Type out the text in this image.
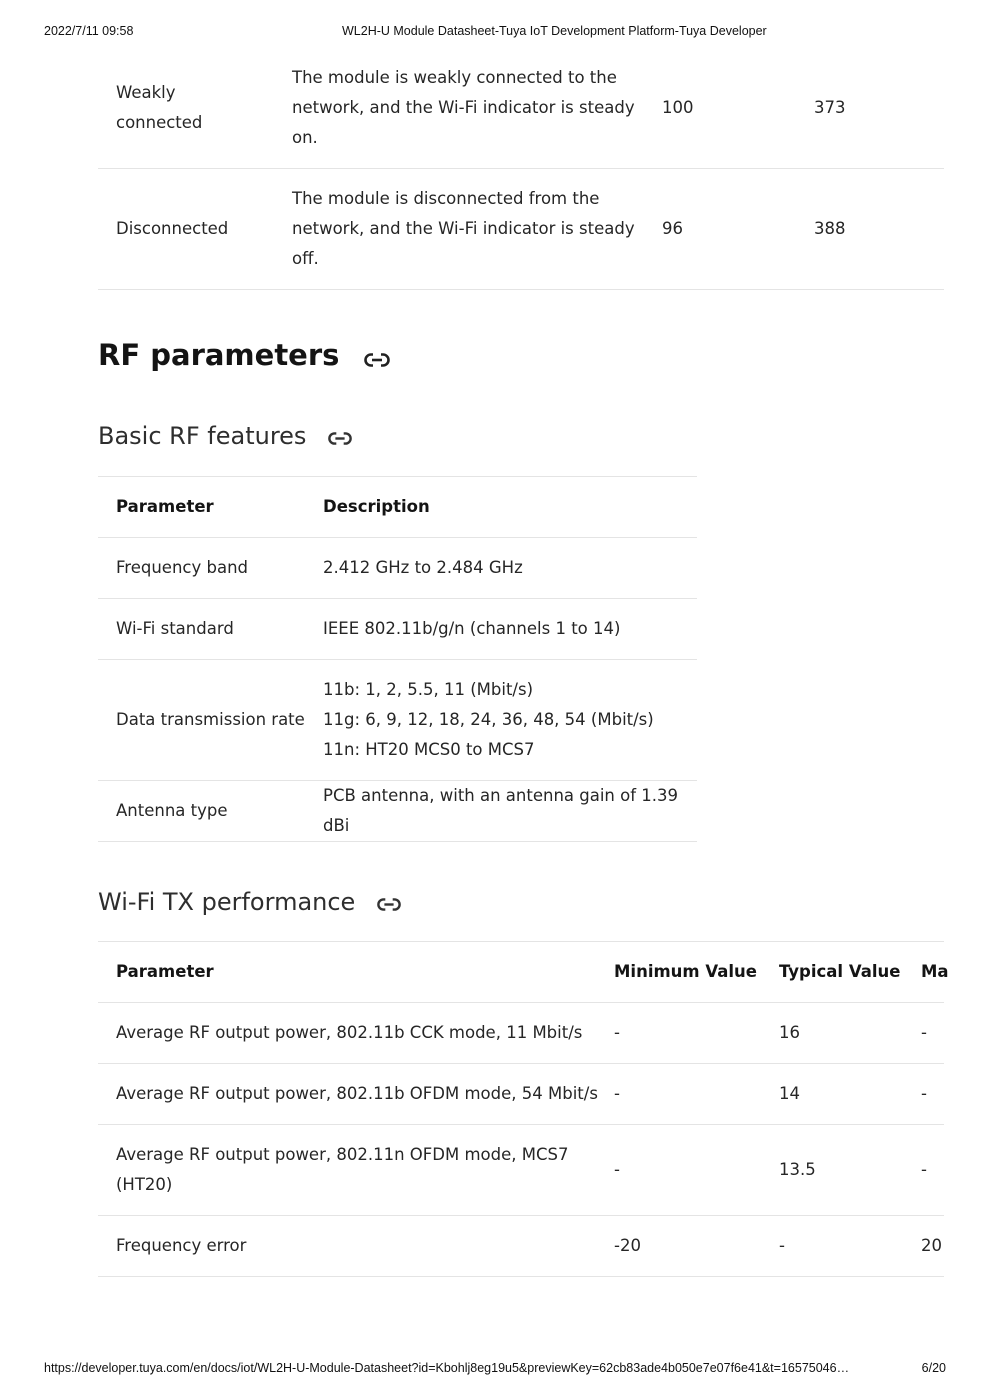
2022/7/11 09:58	WL2H-U Module Datasheet-Tuya IoT Development Platform-Tuya Developer
Weakly
connected	The module is weakly connected to the
network, and the Wi-Fi indicator is steady
on.	100	373

Disconnected	The module is disconnected from the
network, and the Wi-Fi indicator is steady
off.	96	388
RF parameters
Basic RF features
Parameter	Description
Frequency band	2.412 GHz to 2.484 GHz
Wi-Fi standard	IEEE 802.11b/g/n (channels 1 to 14)
Data transmission rate	11b: 1, 2, 5.5, 11 (Mbit/s)
11g: 6, 9, 12, 18, 24, 36, 48, 54 (Mbit/s)
11n: HT20 MCS0 to MCS7

Antenna type	PCB antenna, with an antenna gain of 1.39 dBi
Wi-Fi TX performance
Parameter	Minimum Value	Typical Value	Ma
Average RF output power, 802.11b CCK mode, 11 Mbit/s	-	16	-
Average RF output power, 802.11b OFDM mode, 54 Mbit/s	-	14	-

Average RF output power, 802.11n OFDM mode, MCS7
(HT20)	-	13.5	-
Frequency error	-20	-	20
https://developer.tuya.com/en/docs/iot/WL2H-U-Module-Datasheet?id=Kbohlj8eg19u5&previewKey=62cb83ade4b050e7e07f6e41&t=16575046…	6/20
